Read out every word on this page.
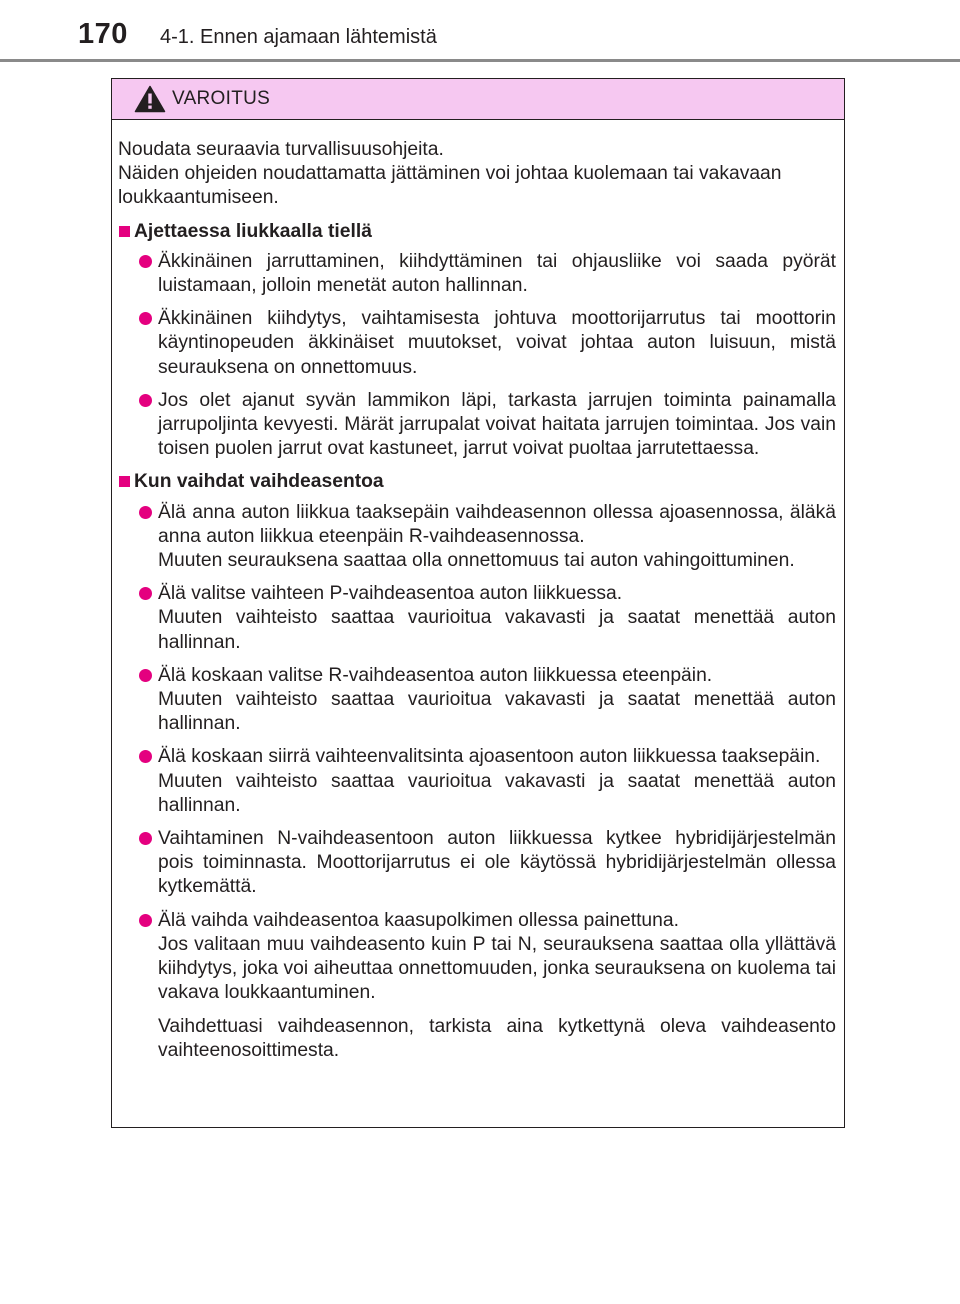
170 4-1. Ennen ajamaan lähtemistä
VAROITUS

Noudata seuraavia turvallisuusohjeita.

Näiden ohjeiden noudattamatta jättäminen voi johtaa kuolemaan tai vakavaan loukkaantumiseen.

Ajettaessa liukkaalla tiellä

Äkkinäinen jarruttaminen, kiihdyttäminen tai ohjausliike voi saada pyörät luistamaan, jolloin menetät auton hallinnan.

Äkkinäinen kiihdytys, vaihtamisesta johtuva moottorijarrutus tai moottorin käyntinopeuden äkkinäiset muutokset, voivat johtaa auton luisuun, mistä seurauksena on onnettomuus.

Jos olet ajanut syvän lammikon läpi, tarkasta jarrujen toiminta painamalla jarrupoljinta kevyesti. Märät jarrupalat voivat haitata jarrujen toimintaa. Jos vain toisen puolen jarrut ovat kastuneet, jarrut voivat puoltaa jarrutettaessa.

Kun vaihdat vaihdeasentoa

Älä anna auton liikkua taaksepäin vaihdeasennon ollessa ajoasennossa, äläkä anna auton liikkua eteenpäin R-vaihdeasennossa.

Muuten seurauksena saattaa olla onnettomuus tai auton vahingoittuminen.

Älä valitse vaihteen P-vaihdeasentoa auton liikkuessa.

Muuten vaihteisto saattaa vaurioitua vakavasti ja saatat menettää auton hallinnan.

Älä koskaan valitse R-vaihdeasentoa auton liikkuessa eteenpäin.

Muuten vaihteisto saattaa vaurioitua vakavasti ja saatat menettää auton hallinnan.

Älä koskaan siirrä vaihteenvalitsinta ajoasentoon auton liikkuessa taaksepäin.

Muuten vaihteisto saattaa vaurioitua vakavasti ja saatat menettää auton hallinnan.

Vaihtaminen N-vaihdeasentoon auton liikkuessa kytkee hybridijärjestelmän pois toiminnasta. Moottorijarrutus ei ole käytössä hybridijärjestelmän ollessa kytkemättä.

Älä vaihda vaihdeasentoa kaasupolkimen ollessa painettuna.

Jos valitaan muu vaihdeasento kuin P tai N, seurauksena saattaa olla yllättävä kiihdytys, joka voi aiheuttaa onnettomuuden, jonka seurauksena on kuolema tai vakava loukkaantuminen.

Vaihdettuasi vaihdeasennon, tarkista aina kytkettynä oleva vaihdeasento vaihteenosoittimesta.
